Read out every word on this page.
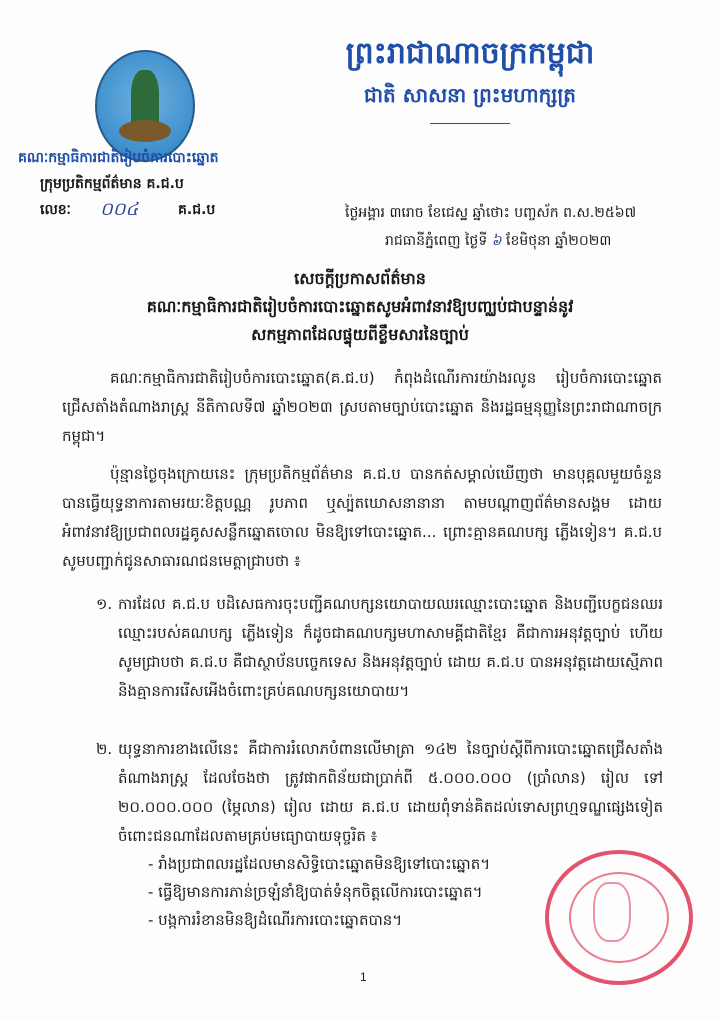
ព្រះរាជាណាចក្រកម្ពុជា
ជាតិ សាសនា ព្រះមហាក្សត្រ
គណៈកម្មាធិការជាតិរៀបចំការបោះឆ្នោត
ក្រុមប្រតិកម្មព័ត៌មាន គ.ជ.ប
លេខៈ ០០៤	គ.ជ.ប	ថ្ងៃអង្គារ ៣រោច ខែជេស្ឋ ឆ្នាំថោះ បញ្ចស័ក ព.ស.២៥៦៧
រាជធានីភ្នំពេញ ថ្ងៃទី ៦ ខែមិថុនា ឆ្នាំ២០២៣
សេចក្តីប្រកាសព័ត៌មាន
គណៈកម្មាធិការជាតិរៀបចំការបោះឆ្នោតសូមអំពាវនាវឱ្យបញ្ឈប់ជាបន្ទាន់នូវ
សកម្មភាពដែលផ្ទុយពីខ្លឹមសារនៃច្បាប់
គណៈកម្មាធិការជាតិរៀបចំការបោះឆ្នោត(គ.ជ.ប) កំពុងដំណើរការយ៉ាងរលូន រៀបចំការបោះឆ្នោតជ្រើសតាំងតំណាងរាស្ត្រ នីតិកាលទី៧ ឆ្នាំ២០២៣ ស្របតាមច្បាប់បោះឆ្នោត និងរដ្ឋធម្មនុញ្ញនៃព្រះរាជាណាចក្រកម្ពុជា។
ប៉ុន្មានថ្ងៃចុងក្រោយនេះ ក្រុមប្រតិកម្មព័ត៌មាន គ.ជ.ប បានកត់សម្គាល់ឃើញថា មានបុគ្គលមួយចំនួនបានធ្វើយុទ្ធនាការតាមរយៈខិត្តបណ្ណ រូបភាព ឬស្ប៉តឃោសនានានា តាមបណ្តាញព័ត៌មានសង្គម ដោយអំពាវនាវឱ្យប្រជាពលរដ្ឋគូសសន្លឹកឆ្នោតចោល មិនឱ្យទៅបោះឆ្នោត... ព្រោះគ្មានគណបក្ស ភ្លើងទៀន។ គ.ជ.ប សូមបញ្ជាក់ជូនសាធារណជនមេត្តាជ្រាបថា ៖
១. ការដែល គ.ជ.ប បដិសេធការចុះបញ្ជីគណបក្សនយោបាយឈរឈ្មោះបោះឆ្នោត និងបញ្ជីបេក្ខជនឈរឈ្មោះរបស់គណបក្ស ភ្លើងទៀន ក៏ដូចជាគណបក្សមហាសាមគ្គីជាតិខ្មែរ គឺជាការអនុវត្តច្បាប់ ហើយសូមជ្រាបថា គ.ជ.ប គឺជាស្ថាប័នបច្ចេកទេស និងអនុវត្តច្បាប់ ដោយ គ.ជ.ប បានអនុវត្តដោយស្មើភាព និងគ្មានការរើសអើងចំពោះគ្រប់គណបក្សនយោបាយ។
២. យុទ្ធនាការខាងលើនេះ គឺជាការរំលោភបំពានលើមាត្រា ១៤២ នៃច្បាប់ស្តីពីការបោះឆ្នោតជ្រើសតាំងតំណាងរាស្ត្រ ដែលចែងថា ត្រូវផាកពិន័យជាប្រាក់ពី ៥.០០០.០០០ (ប្រាំលាន) រៀល ទៅ ២០.០០០.០០០ (ម្ភៃលាន) រៀល ដោយ គ.ជ.ប ដោយពុំទាន់គិតដល់ទោសព្រហ្មទណ្ឌផ្សេងទៀត ចំពោះជនណាដែលតាមគ្រប់មធ្យោបាយទុច្ចរិត ៖
- រាំងប្រជាពលរដ្ឋដែលមានសិទ្ធិបោះឆ្នោតមិនឱ្យទៅបោះឆ្នោត។
- ធ្វើឱ្យមានការភាន់ច្រឡំនាំឱ្យបាត់ទំនុកចិត្តលើការបោះឆ្នោត។
- បង្កការរំខានមិនឱ្យដំណើរការបោះឆ្នោតបាន។
1
